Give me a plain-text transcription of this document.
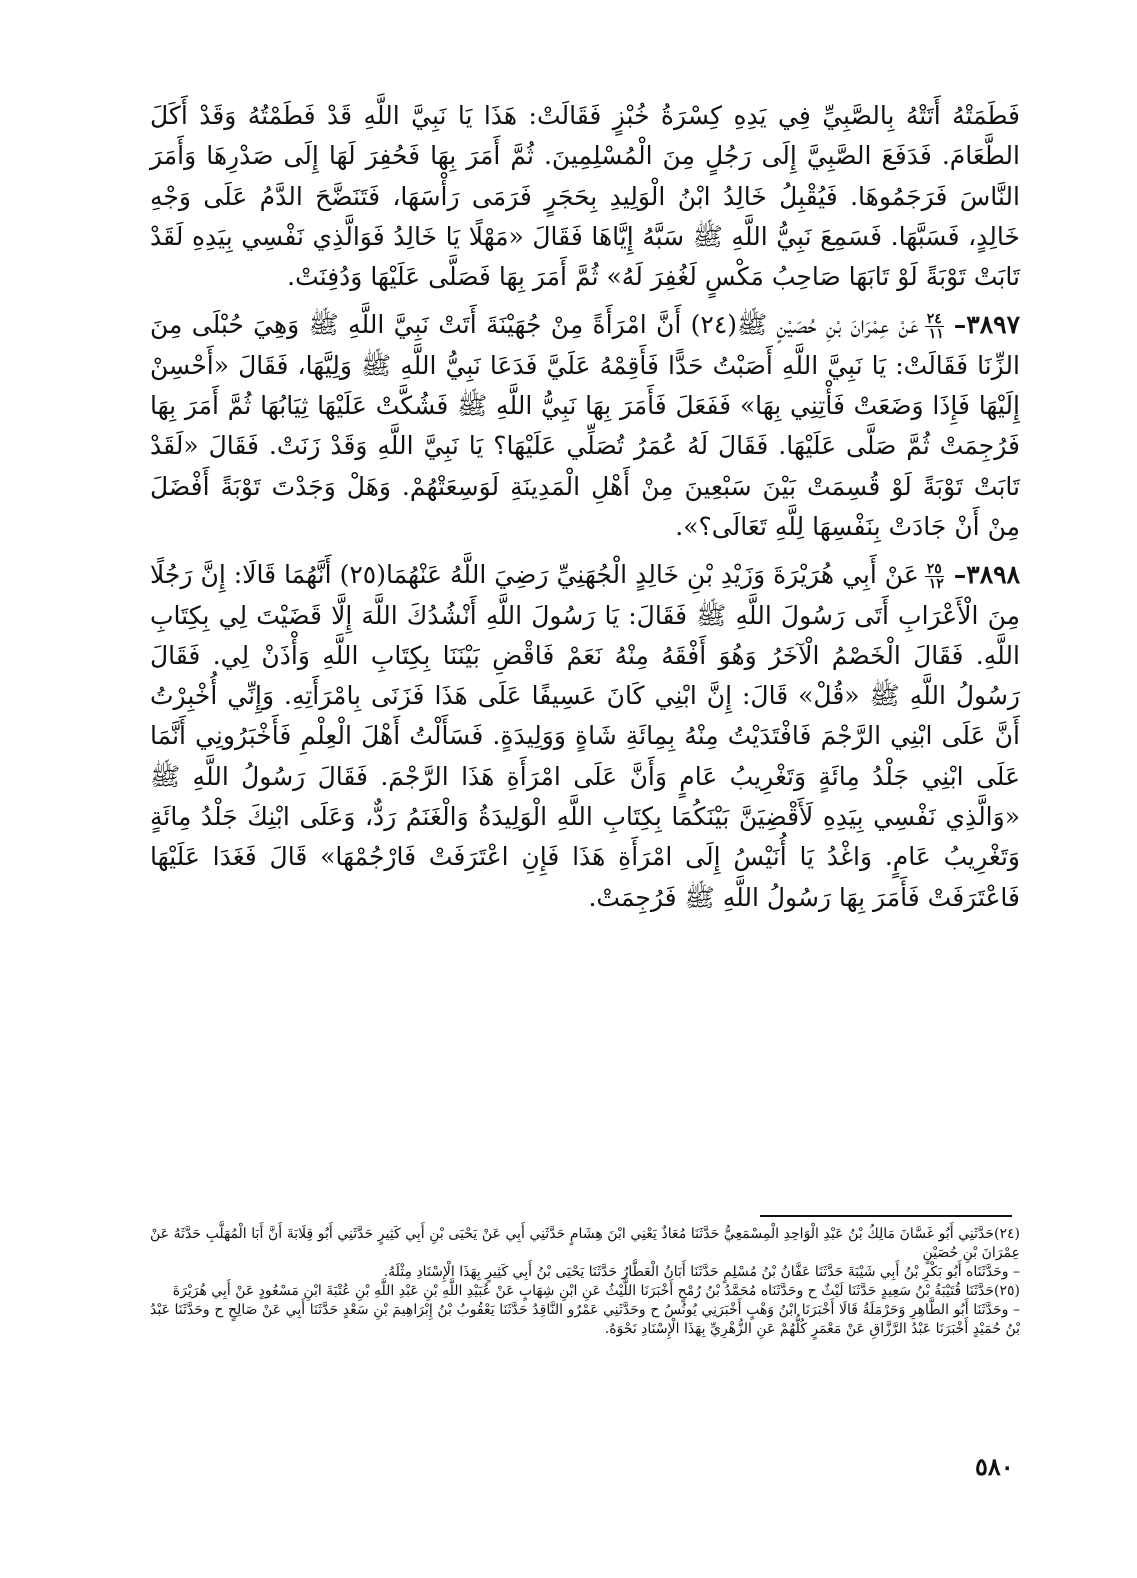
فَطَمَتْهُ أَتَتْهُ بِالصَّبِيِّ فِي يَدِهِ كِسْرَةُ خُبْزٍ فَقَالَتْ: هَذَا يَا نَبِيَّ اللَّهِ قَدْ فَطَمْتُهُ وَقَدْ أَكَلَ الطَّعَامَ. فَدَفَعَ الصَّبِيَّ إِلَى رَجُلٍ مِنَ الْمُسْلِمِينَ. ثُمَّ أَمَرَ بِهَا فَحُفِرَ لَهَا إِلَى صَدْرِهَا وَأَمَرَ النَّاسَ فَرَجَمُوهَا. فَيُقْبِلُ خَالِدُ ابْنُ الْوَلِيدِ بِحَجَرٍ فَرَمَى رَأْسَهَا، فَتَنَضَّحَ الدَّمُ عَلَى وَجْهِ خَالِدٍ، فَسَبَّهَا. فَسَمِعَ نَبِيُّ اللَّهِ ﷺ سَبَّهُ إِيَّاهَا فَقَالَ «مَهْلًا يَا خَالِدُ فَوَالَّذِي نَفْسِي بِيَدِهِ لَقَدْ تَابَتْ تَوْبَةً لَوْ تَابَهَا صَاحِبُ مَكْسٍ لَغُفِرَ لَهُ» ثُمَّ أَمَرَ بِهَا فَصَلَّى عَلَيْهَا وَدُفِنَتْ.

٣٨٩٧–
$\frac{٢٤}{١١}$
عَنْ عِمْرَانَ بْنِ حُصَيْنٍ ﷺ(٢٤) أَنَّ امْرَأَةً مِنْ جُهَيْنَةَ أَتَتْ نَبِيَّ اللَّهِ ﷺ وَهِيَ حُبْلَى مِنَ الزِّنَا فَقَالَتْ: يَا نَبِيَّ اللَّهِ أَصَبْتُ حَدًّا فَأَقِمْهُ عَلَيَّ فَدَعَا نَبِيُّ اللَّهِ ﷺ وَلِيَّهَا، فَقَالَ «أَحْسِنْ إِلَيْهَا فَإِذَا وَضَعَتْ فَأْتِنِي بِهَا» فَفَعَلَ فَأَمَرَ بِهَا نَبِيُّ اللَّهِ ﷺ فَشُكَّتْ عَلَيْهَا ثِيَابُهَا ثُمَّ أَمَرَ بِهَا فَرُجِمَتْ ثُمَّ صَلَّى عَلَيْهَا. فَقَالَ لَهُ عُمَرُ تُصَلِّي عَلَيْهَا؟ يَا نَبِيَّ اللَّهِ وَقَدْ زَنَتْ. فَقَالَ «لَقَدْ تَابَتْ تَوْبَةً لَوْ قُسِمَتْ بَيْنَ سَبْعِينَ مِنْ أَهْلِ الْمَدِينَةِ لَوَسِعَتْهُمْ. وَهَلْ وَجَدْتَ تَوْبَةً أَفْضَلَ مِنْ أَنْ جَادَتْ بِنَفْسِهَا لِلَّهِ تَعَالَى؟».

٣٨٩٨–
$\frac{٢٥}{١٢}$
عَنْ أَبِي هُرَيْرَةَ وَزَيْدِ بْنِ خَالِدٍ الْجُهَنِيِّ رَضِيَ اللَّهُ عَنْهُمَا(٢٥) أَنَّهُمَا قَالَا: إِنَّ رَجُلًا مِنَ الْأَعْرَابِ أَتَى رَسُولَ اللَّهِ ﷺ فَقَالَ: يَا رَسُولَ اللَّهِ أَنْشُدُكَ اللَّهَ إِلَّا قَضَيْتَ لِي بِكِتَابِ اللَّهِ. فَقَالَ الْخَصْمُ الْآخَرُ وَهُوَ أَفْقَهُ مِنْهُ نَعَمْ فَاقْضِ بَيْنَنَا بِكِتَابِ اللَّهِ وَأْذَنْ لِي. فَقَالَ رَسُولُ اللَّهِ ﷺ «قُلْ» قَالَ: إِنَّ ابْنِي كَانَ عَسِيفًا عَلَى هَذَا فَزَنَى بِامْرَأَتِهِ. وَإِنِّي أُخْبِرْتُ أَنَّ عَلَى ابْنِي الرَّجْمَ فَافْتَدَيْتُ مِنْهُ بِمِائَةِ شَاةٍ وَوَلِيدَةٍ. فَسَأَلْتُ أَهْلَ الْعِلْمِ فَأَخْبَرُونِي أَنَّمَا عَلَى ابْنِي جَلْدُ مِائَةٍ وَتَغْرِيبُ عَامٍ وَأَنَّ عَلَى امْرَأَةِ هَذَا الرَّجْمَ. فَقَالَ رَسُولُ اللَّهِ ﷺ «وَالَّذِي نَفْسِي بِيَدِهِ لَأَقْضِيَنَّ بَيْنَكُمَا بِكِتَابِ اللَّهِ الْوَلِيدَةُ وَالْغَنَمُ رَدٌّ، وَعَلَى ابْنِكَ جَلْدُ مِائَةٍ وَتَغْرِيبُ عَامٍ. وَاغْدُ يَا أُنَيْسُ إِلَى امْرَأَةِ هَذَا فَإِنِ اعْتَرَفَتْ فَارْجُمْهَا» قَالَ فَغَدَا عَلَيْهَا فَاعْتَرَفَتْ فَأَمَرَ بِهَا رَسُولُ اللَّهِ ﷺ فَرُجِمَتْ.

(٢٤)حَدَّثَنِي أَبُو غَسَّانَ مَالِكُ بْنُ عَبْدِ الْوَاحِدِ الْمِسْمَعِيُّ حَدَّثَنَا مُعَاذٌ يَعْنِي ابْنَ هِشَامٍ حَدَّثَنِي أَبِي عَنْ يَحْيَى بْنِ أَبِي كَثِيرٍ حَدَّثَنِي أَبُو قِلَابَةَ أَنَّ أَبَا الْمُهَلَّبِ حَدَّثَهُ عَنْ عِمْرَانَ بْنِ حُصَيْنٍ

– وحَدَّثَنَاه أَبُو بَكْرِ بْنُ أَبِي شَيْبَةَ حَدَّثَنَا عَفَّانُ بْنُ مُسْلِمٍ حَدَّثَنَا أَبَانُ الْعَطَّارُ حَدَّثَنَا يَحْيَى بْنُ أَبِي كَثِيرٍ بِهَذَا الْإِسْنَادِ مِثْلَهُ.

(٢٥)حَدَّثَنَا قُتَيْبَةُ بْنُ سَعِيدٍ حَدَّثَنَا لَيْثٌ ح وحَدَّثَنَاه مُحَمَّدُ بْنُ رُمْحٍ أَخْبَرَنَا اللَّيْثُ عَنِ ابْنِ شِهَابٍ عَنْ عُبَيْدِ اللَّهِ بْنِ عَبْدِ اللَّهِ بْنِ عُتْبَةَ ابْنِ مَسْعُودٍ عَنْ أَبِي هُرَيْرَةَ

– وحَدَّثَنَا أَبُو الطَّاهِرِ وَحَرْمَلَةُ قَالَا أَخْبَرَنَا ابْنُ وَهْبٍ أَخْبَرَنِي يُونُسُ ح وحَدَّثَنِي عَمْرٌو النَّاقِدُ حَدَّثَنَا يَعْقُوبُ بْنُ إِبْرَاهِيمَ بْنِ سَعْدٍ حَدَّثَنَا أَبِي عَنْ صَالِحٍ ح وحَدَّثَنَا عَبْدُ بْنُ حُمَيْدٍ أَخْبَرَنَا عَبْدُ الرَّزَّاقِ عَنْ مَعْمَرٍ كُلُّهُمْ عَنِ الزُّهْرِيِّ بِهَذَا الْإِسْنَادِ نَحْوَهُ.

٥٨٠
